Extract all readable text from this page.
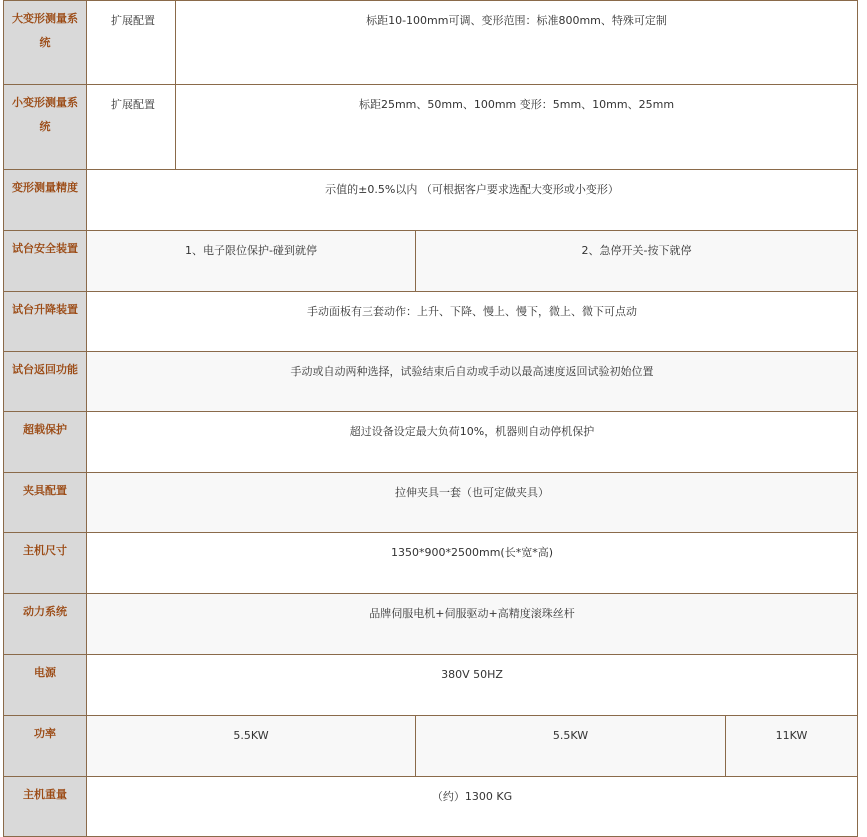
大变形测量系统	扩展配置	标距10-100mm可调、变形范围：标准800mm、特殊可定制		
小变形测量系统	扩展配置	标距25mm、50mm、100mm 变形：5mm、10mm、25mm		
变形测量精度	示值的±0.5%以内 （可根据客户要求选配大变形或小变形）			
试台安全装置	1、电子限位保护-碰到就停		2、急停开关-按下就停	
试台升降装置	手动面板有三套动作：上升、下降、慢上、慢下，微上、微下可点动			
试台返回功能	手动或自动两种选择，试验结束后自动或手动以最高速度返回试验初始位置			
超载保护	超过设备设定最大负荷10%，机器则自动停机保护			
夹具配置	拉伸夹具一套（也可定做夹具）			
主机尺寸	1350*900*2500mm(长*宽*高)			
动力系统	品牌伺服电机+伺服驱动+高精度滚珠丝杆			
电源	380V 50HZ			
功率	5.5KW		5.5KW	11KW
主机重量	（约）1300 KG			
